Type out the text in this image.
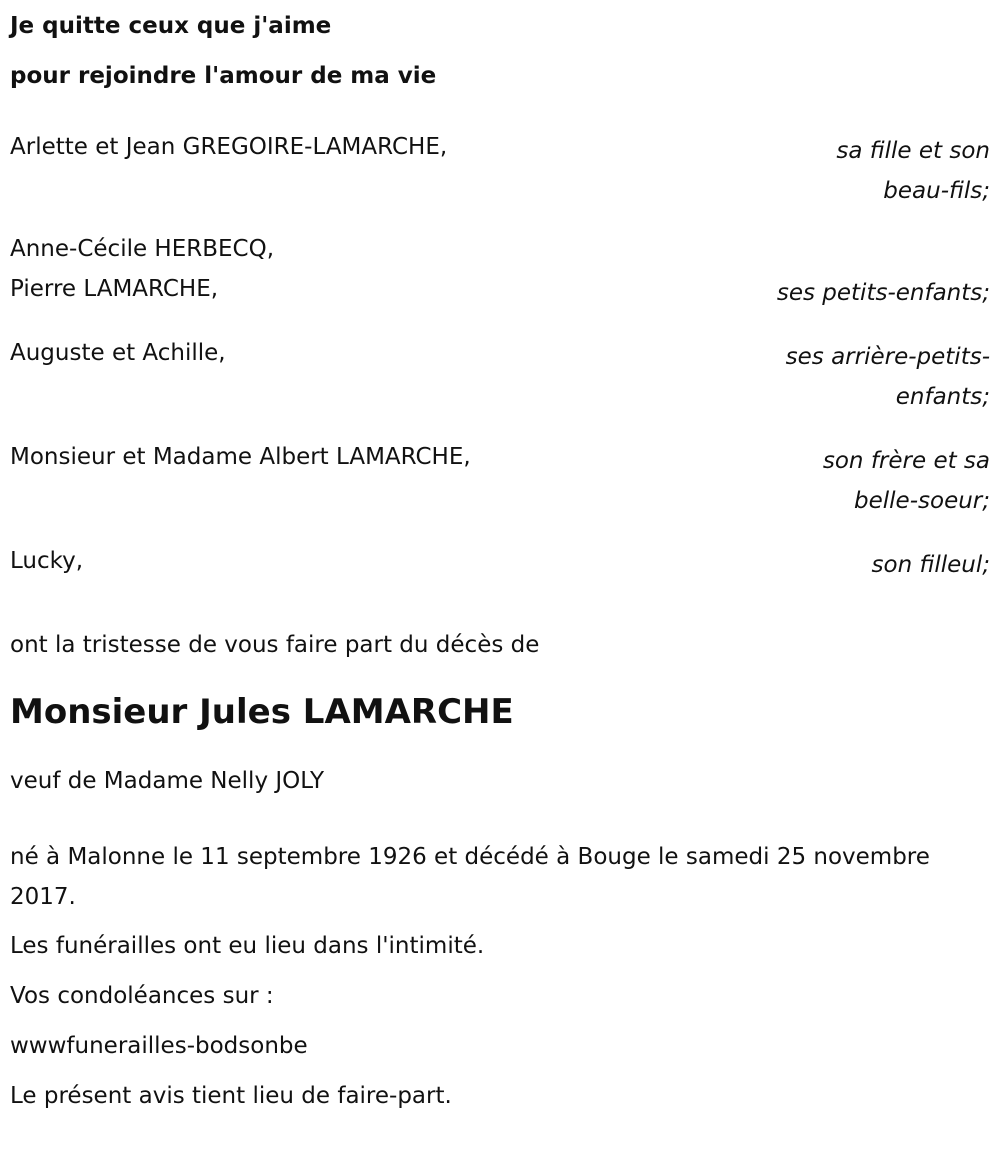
Je quitte ceux que j'aime
pour rejoindre l'amour de ma vie
Arlette et Jean GREGOIRE-LAMARCHE,	sa fille et son
beau-fils;
Anne-Cécile HERBECQ,
Pierre LAMARCHE,	ses petits-enfants;
Auguste et Achille,	ses arrière-petits-
enfants;
Monsieur et Madame Albert LAMARCHE,	son frère et sa
belle-soeur;
Lucky,	son filleul;
ont la tristesse de vous faire part du décès de
Monsieur Jules LAMARCHE
veuf de Madame Nelly JOLY
né à Malonne le 11 septembre 1926 et décédé à Bouge le samedi 25 novembre 2017.

Les funérailles ont eu lieu dans l'intimité.

Vos condoléances sur :

wwwfunerailles-bodsonbe

Le présent avis tient lieu de faire-part.
